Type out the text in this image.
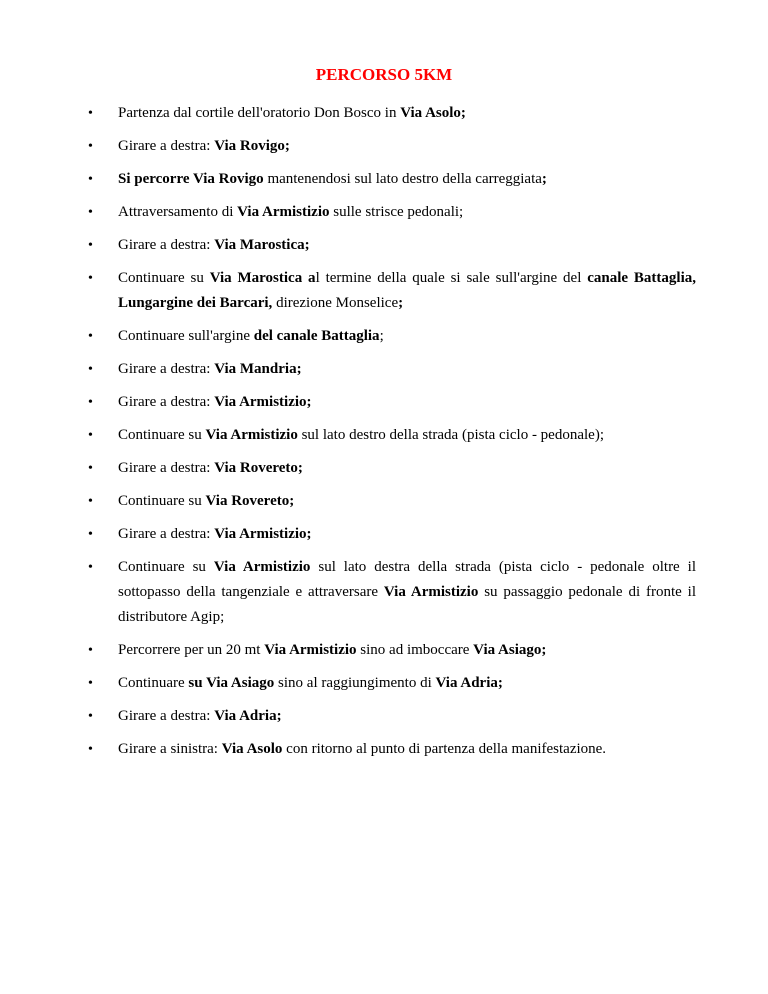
PERCORSO 5KM
• Partenza dal cortile dell'oratorio Don Bosco in Via Asolo;
• Girare a destra: Via Rovigo;
• Si percorre Via Rovigo mantenendosi sul lato destro della carreggiata;
• Attraversamento di Via Armistizio sulle strisce pedonali;
• Girare a destra: Via Marostica;
• Continuare su Via Marostica al termine della quale si sale sull'argine del canale Battaglia, Lungargine dei Barcari, direzione Monselice;
• Continuare sull'argine del canale Battaglia;
• Girare a destra: Via Mandria;
• Girare a destra: Via Armistizio;
• Continuare su Via Armistizio sul lato destro della strada (pista ciclo - pedonale);
• Girare a destra: Via Rovereto;
• Continuare su Via Rovereto;
• Girare a destra: Via Armistizio;
• Continuare su Via Armistizio sul lato destra della strada (pista ciclo - pedonale oltre il sottopasso della tangenziale e attraversare Via Armistizio su passaggio pedonale di fronte il distributore Agip;
• Percorrere per un 20 mt Via Armistizio sino ad imboccare Via Asiago;
• Continuare su Via Asiago sino al raggiungimento di Via Adria;
• Girare a destra: Via Adria;
• Girare a sinistra: Via Asolo con ritorno al punto di partenza della manifestazione.
